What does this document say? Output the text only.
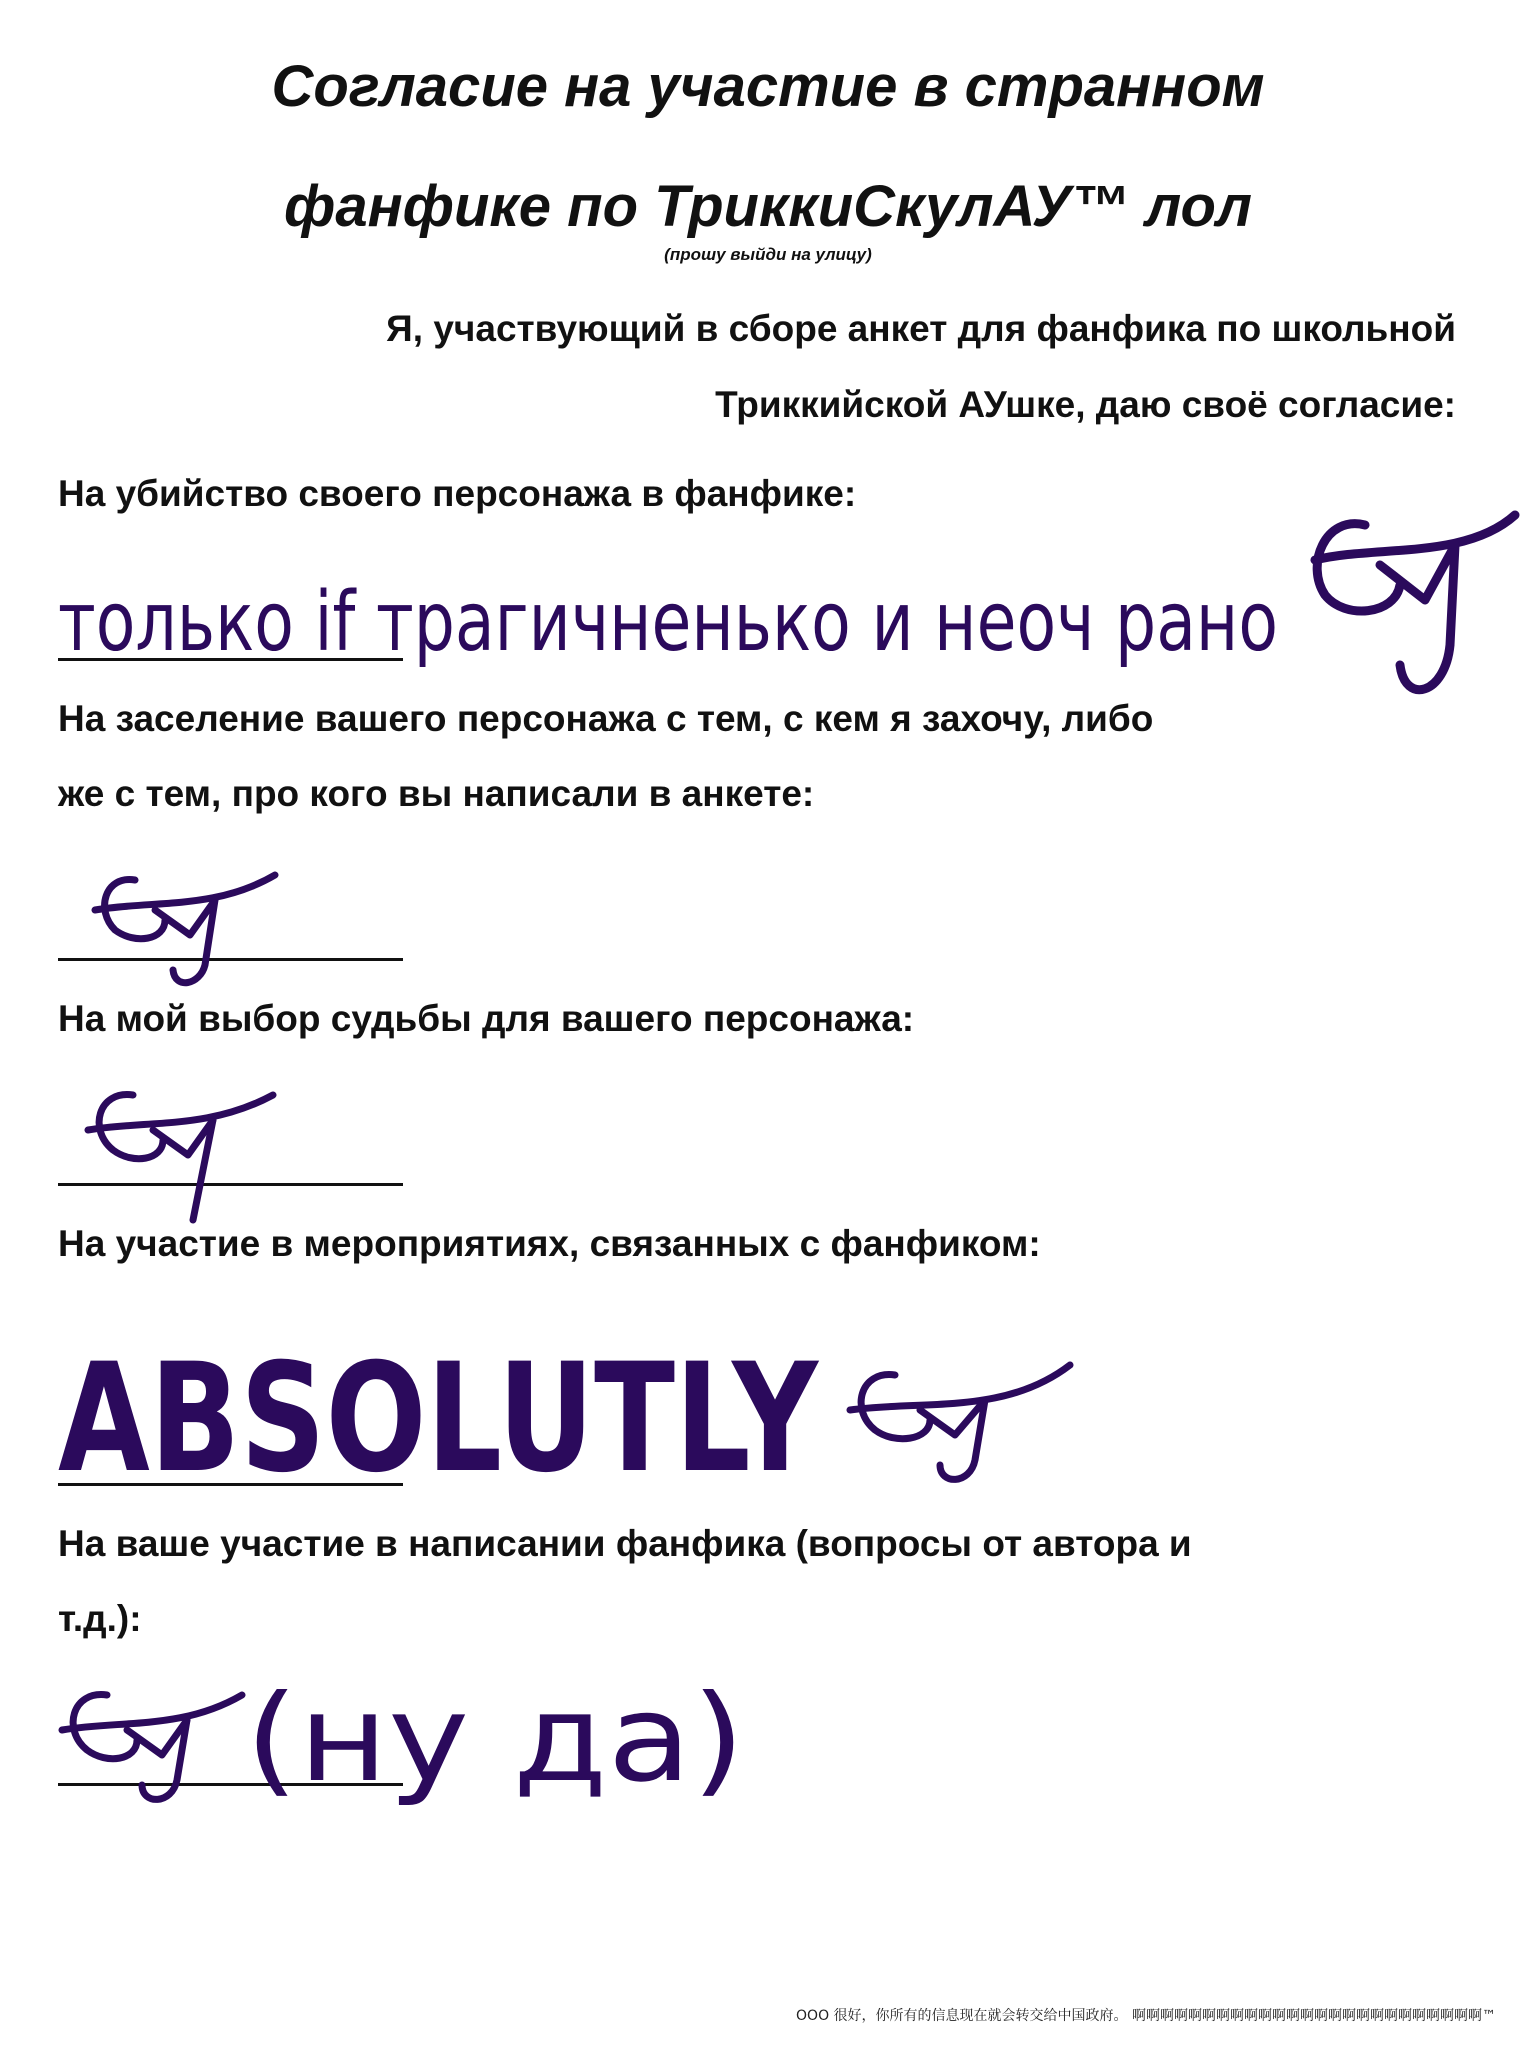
Согласие на участие в странном
фанфике по ТриккиСкулАУ™ лол
(прошу выйди на улицу)
Я, участвующий в сборе анкет для фанфика по школьной
Триккийской АУшке, даю своё согласие:
На убийство своего персонажа в фанфике:
только if трагичненько и неоч рано
На заселение вашего персонажа с тем, с кем я захочу, либо
же с тем, про кого вы написали в анкете:
На мой выбор судьбы для вашего персонажа:
На участие в мероприятиях, связанных с фанфиком:
ABSOLUTLY
На ваше участие в написании фанфика (вопросы от автора и
т.д.):
(ну да)
OOO 很好，你所有的信息现在就会转交给中国政府。 啊啊啊啊啊啊啊啊啊啊啊啊啊啊啊啊啊啊啊啊啊啊啊啊啊™
